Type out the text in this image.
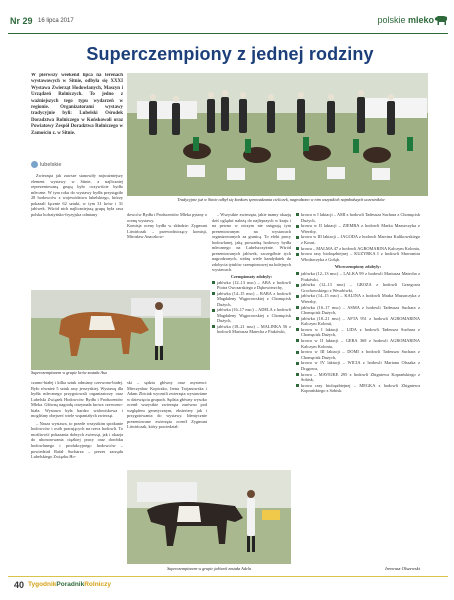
Nr 29 16 lipca 2017	polskie mleko
Superczempiony z jednej rodziny

W pierwszy weekend lipca na terenach wystawowych w Sitnie, odbyła się XXXI Wystawa Zwierząt Hodowlanych, Maszyn i Urządzeń Rolniczych. To jedno z ważniejszych tego typu wydarzeń w regionie. Organizatorami wystawy tradycyjnie byli: Lubelski Ośrodek Doradztwa Rolniczego w Końskowoli oraz Powiatowy Zespół Doradztwa Rolniczego w Zamościu z. w Sitnie.

lubelskie

Zwierzęta jak zawsze stanowiły najważniejszy element wystawy w Sitnie, a najliczniej reprezentowaną grupą było oczywiście bydło mleczne. W tym roku do wystawy bydła przystąpiło 28 hodowców z województwa lubelskiego, którzy pokazali łącznie 62 sztuki, w tym 31 krów i 31 jałówek. Wśród nich najliczniejszą grupę była rasa polska holsztyńsko-fryzyjska odmiany

Tradycyjnie już w Sitnie odbył się konkurs sprowadzania cieliczek, nagrodzono w nim wszystkich najmłodszych uczestników
Superczempionem w grupie krów została Asa

czarno-białej i kilka sztuk odmiany czerwono-białej. Było również 5 sztuk rasy jerseyskiej. Wystawę dla bydła mlecznego przygotowali organizatorzy oraz Lubelski Związek Hodowców Bydła i Producentów Mleka. Główną nagrodę otrzymała krowa czerwono-biała. Wystawa była bardzo widowiskowa i mogliśmy obejrzeć wiele wspaniałych zwierząt.

– Nasza wystawa, to przede wszystkim spotkanie hodowców i osób pracujących na rzecz hodowli. To możliwość pokazania dobrych zwierząt, jak i okazja do uhonorowania ciężkiej pracy oraz dorobku hodowlanego i produkcyjnego hodowców – powiedział Rafał Sucharza – prezes zarządu Lubelskiego Związku Ho-

dowców Bydła i Producentów Mleka pytany o ocenę wystawy.
Komisja oceny bydła w składzie: Zygmunt Litwińczak – przewodniczący komisji, Mirosław Anaczkow-

ski – sędzia główny oraz asystenci: Mieczysław Kopiczko, Irena Trojanowska i Adam Zbiciak wycenili zwierzęta wystawiane w dziewięciu grupach. Sędzia główny wysoko ocenił wszystkie zwierzęta zarówno pod względem genetycznym, eksteriery jak i przygotowania do wystawy. Identycznie prezentowane zwierzęta ocenił Zygmunt Litwińczak, który powiedział:

– Wszystkie zwierzęta, jakie mamy okazję dziś oglądać należą do najlepszych w kraju i na pewno w niczym nie ustępują tym prezentowanym na wystawach organizowanych za granicą. To efekt pracy hodowlanej, jaką prowadzą hodowcy bydła mlecznego na Lubelszczyźnie. Wśród prezentowanych jałówek, szczególnie tych nagrodzonych, widzę wiele kandydatek do zdobycia tytułów czempionowej na kolejnych wystawach.

Czempionaty zdobyły:

jałówka (12–13 msc) – ABA z hodowli Piotra Owczarskiego z Dębowierzchy,
jałówka (14–15 msc) – RABA z hodowli Magdaleny Węgorowskiej z Chomęcisk Dużych,
jałówka (16–17 msc) – ADELA z hodowli Magdaleny Węgorowskiej z Chomęcisk Dużych,
jałówka (18–21 msc) – MALINKA 56 z hodowli Mariusza Matecha z Fiukówki,
krowa w I laktacji – AMI z hodowli Tadeusza Suchara z Chomęcisk Dużych,
krowa w II laktacji – ZIEMBA z hodowli Marka Mazurczyka z Wierzby,
krowa w III laktacji – JAGODA z hodowli Marcina Kulikowskiego z Kosut,
krowa – MALMA 47 z hodowli AGROMARINA Kalczym Kolonia,
krowa rasy bioloęzbiejnej – KUZYRKA I z hodowli Sławomira Włodarczyka z Gołąb.

Wiceczempiony zdobyły:

jałówka (12–13 msc) – LALKA 99 z hodowli Mariusza Matecha z Fiukówki,
jałówka (12–13 msc) – GROZA z hodowli Grzegorza Grochowskiego z Wesołówki,
jałówka (14–15 msc) – KALINA z hodowli Marka Mazurczyka z Wierzby,
jałówka (16–17 msc) – ASMA z hodowli Tadeusza Suchara z Chomęcisk Dużych,
jałówka (18–21 msc) – AFTA 951 z hodowli AGROMARINA Kalczym Kolonii,
krowa w I laktacji – LIDA z hodowli Tadeusza Suchara z Chomęcisk Dużych,
krowa w II laktacji – GERA 368 z hodowli AGROMARINA Kalczym Kolonia,
krowa w III laktacji – DOMI z hodowli Tadeusza Suchara z Chomęcisk Dużych,
krowa w IV laktacji – WICIA z hodowli Mariana Olszaka z Drągowa,
krowa – MAVEJKE 295 z hodowli Zbigniewa Koprańskiego z Sobisk,
krowa rasy bioloęzbiejnej – MEGKA z hodowli Zbigniewa Koprańskiego z Sobisk.
Ireneusz Olszewski
Superczempionem w grupie jałówek została Adela
40 TygodnikPoradnikRolniczy
